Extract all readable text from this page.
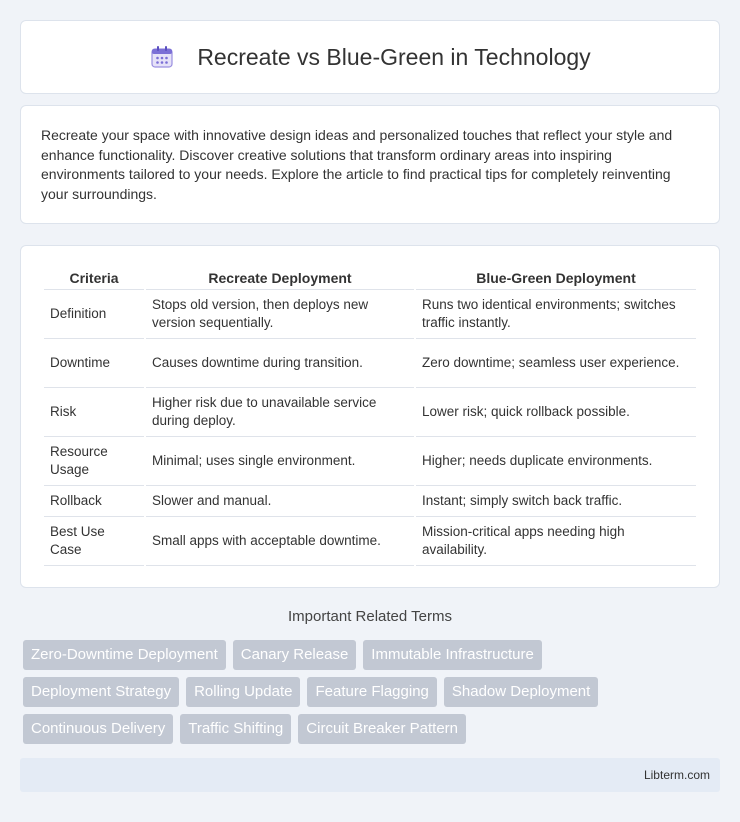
Recreate vs Blue-Green in Technology

Recreate your space with innovative design ideas and personalized touches that reflect your style and enhance functionality. Discover creative solutions that transform ordinary areas into inspiring environments tailored to your needs. Explore the article to find practical tips for completely reinventing your surroundings.

Criteria	Recreate Deployment	Blue-Green Deployment
Definition	Stops old version, then deploys new version sequentially.	Runs two identical environments; switches traffic instantly.
Downtime	Causes downtime during transition.	Zero downtime; seamless user experience.
Risk	Higher risk due to unavailable service during deploy.	Lower risk; quick rollback possible.
Resource Usage	Minimal; uses single environment.	Higher; needs duplicate environments.
Rollback	Slower and manual.	Instant; simply switch back traffic.
Best Use Case	Small apps with acceptable downtime.	Mission-critical apps needing high availability.
Important Related Terms
Zero-Downtime Deployment	Canary Release	Immutable Infrastructure
Deployment Strategy	Rolling Update	Feature Flagging	Shadow Deployment
Continuous Delivery	Traffic Shifting	Circuit Breaker Pattern
Libterm.com
